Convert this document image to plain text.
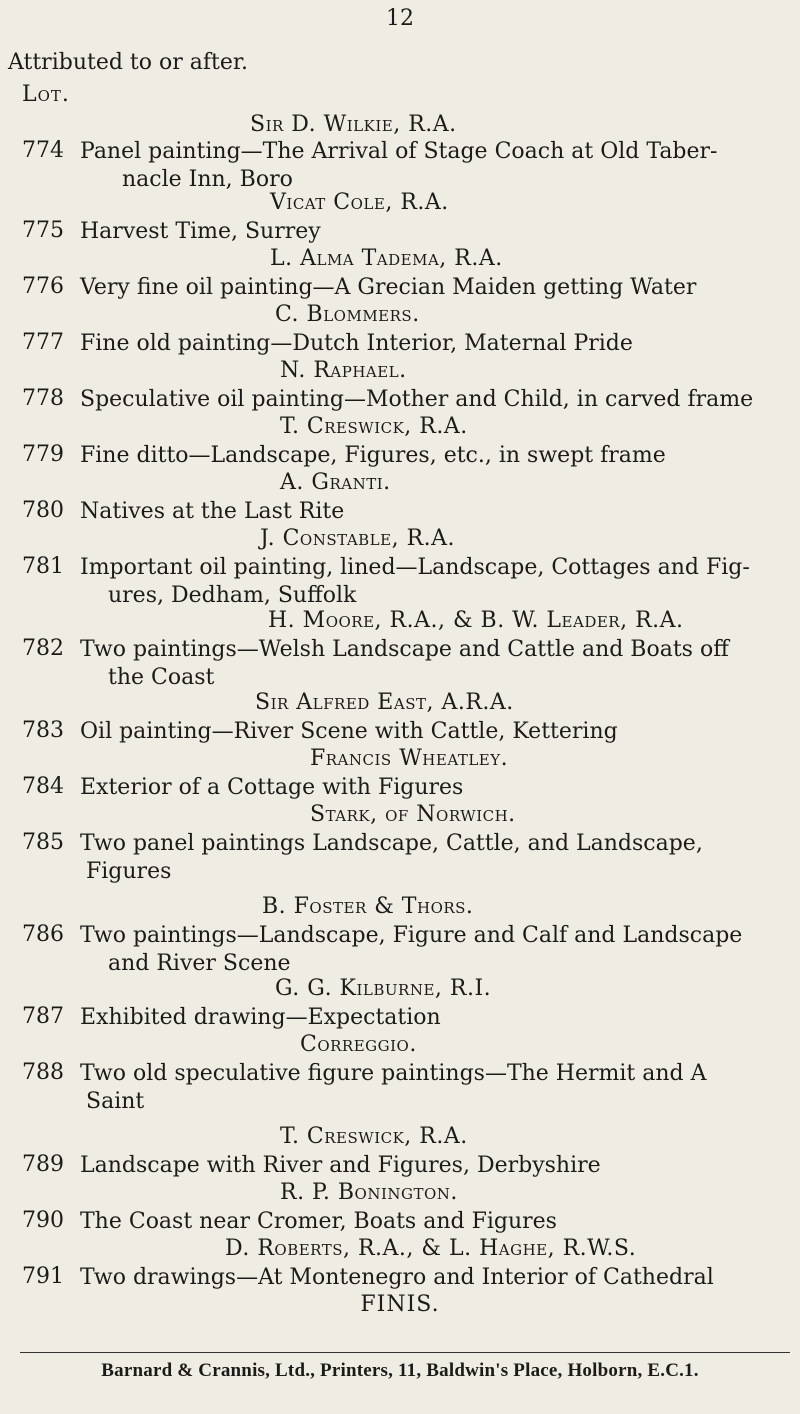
12
Attributed to or after.
Lot.
Sir D. Wilkie, R.A.
774 Panel painting—The Arrival of Stage Coach at Old Taber-
nacle Inn, Boro
Vicat Cole, R.A.
775 Harvest Time, Surrey
L. Alma Tadema, R.A.
776 Very fine oil painting—A Grecian Maiden getting Water
C. Blommers.
777 Fine old painting—Dutch Interior, Maternal Pride
N. Raphael.
778 Speculative oil painting—Mother and Child, in carved frame
T. Creswick, R.A.
779 Fine ditto—Landscape, Figures, etc., in swept frame
A. Granti.
780 Natives at the Last Rite
J. Constable, R.A.
781 Important oil painting, lined—Landscape, Cottages and Fig-
ures, Dedham, Suffolk
H. Moore, R.A., & B. W. Leader, R.A.
782 Two paintings—Welsh Landscape and Cattle and Boats off
the Coast
Sir Alfred East, A.R.A.
783 Oil painting—River Scene with Cattle, Kettering
Francis Wheatley.
784 Exterior of a Cottage with Figures
Stark, of Norwich.
785 Two panel paintings Landscape, Cattle, and Landscape,
Figures
B. Foster & Thors.
786 Two paintings—Landscape, Figure and Calf and Landscape
and River Scene
G. G. Kilburne, R.I.
787 Exhibited drawing—Expectation
Correggio.
788 Two old speculative figure paintings—The Hermit and A
Saint
T. Creswick, R.A.
789 Landscape with River and Figures, Derbyshire
R. P. Bonington.
790 The Coast near Cromer, Boats and Figures
D. Roberts, R.A., & L. Haghe, R.W.S.
791 Two drawings—At Montenegro and Interior of Cathedral
FINIS.
Barnard & Crannis, Ltd., Printers, 11, Baldwin's Place, Holborn, E.C.1.
